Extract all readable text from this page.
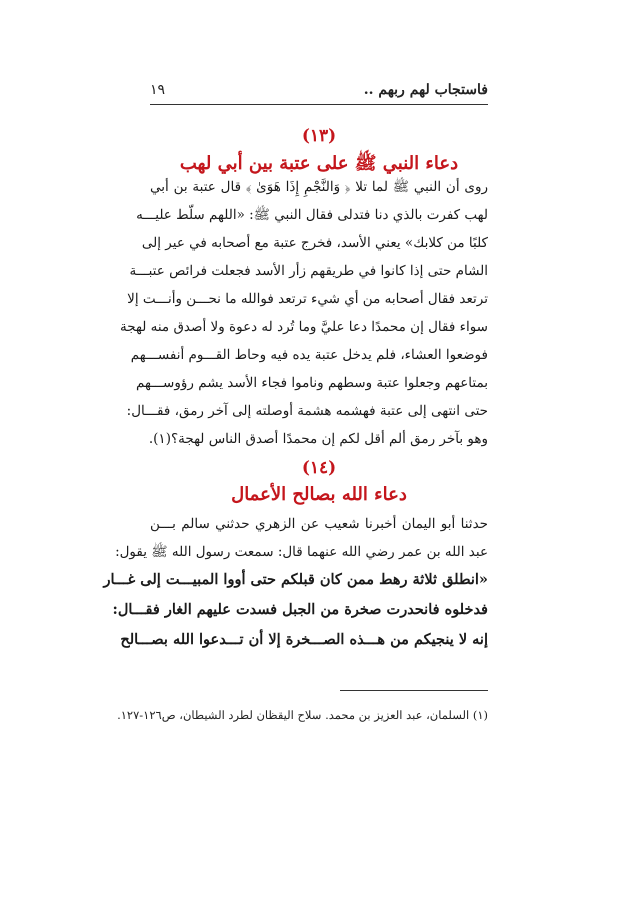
فاستجاب لهم ربهم ..
١٩
(١٣)
دعاء النبي ﷺ على عتبة بين أبي لهب
روى أن النبي ﷺ لما تلا ﴿ وَالنَّجْمِ إِذَا هَوَىٰ ﴾ قال عتبة بن أبي
لهب كفرت بالذي دنا فتدلى فقال النبي ﷺ: «اللهم سلّط عليـــه
كلبًا من كلابك» يعني الأسد، فخرج عتبة مع أصحابه في عير إلى
الشام حتى إذا كانوا في طريقهم زأر الأسد فجعلت فرائص عتبـــة
ترتعد فقال أصحابه من أي شيء ترتعد فوالله ما نحـــن وأنـــت إلا
سواء فقال إن محمدًا دعا عليَّ وما تُرد له دعوة ولا أصدق منه لهجة
فوضعوا العشاء، فلم يدخل عتبة يده فيه وحاط القـــوم أنفســـهم
بمتاعهم وجعلوا عتبة وسطهم وناموا فجاء الأسد يشم رؤوســـهم
حتى انتهى إلى عتبة فهشمه هشمة أوصلته إلى آخر رمق، فقـــال:
وهو بآخر رمق ألم أقل لكم إن محمدًا أصدق الناس لهجة؟(١).
(١٤)
دعاء الله بصالح الأعمال
حدثنا أبو اليمان أخبرنا شعيب عن الزهري حدثني سالم بـــن
عبد الله بن عمر رضي الله عنهما قال: سمعت رسول الله ﷺ يقول:
«انطلق ثلاثة رهط ممن كان قبلكم حتى أووا المبيـــت إلى غـــار
فدخلوه فانحدرت صخرة من الجبل فسدت عليهم الغار فقـــال:
إنه لا ينجيكم من هـــذه الصـــخرة إلا أن تـــدعوا الله بصـــالح
(١) السلمان، عبد العزيز بن محمد. سلاح اليقظان لطرد الشيطان، ص١٢٦-١٢٧.
